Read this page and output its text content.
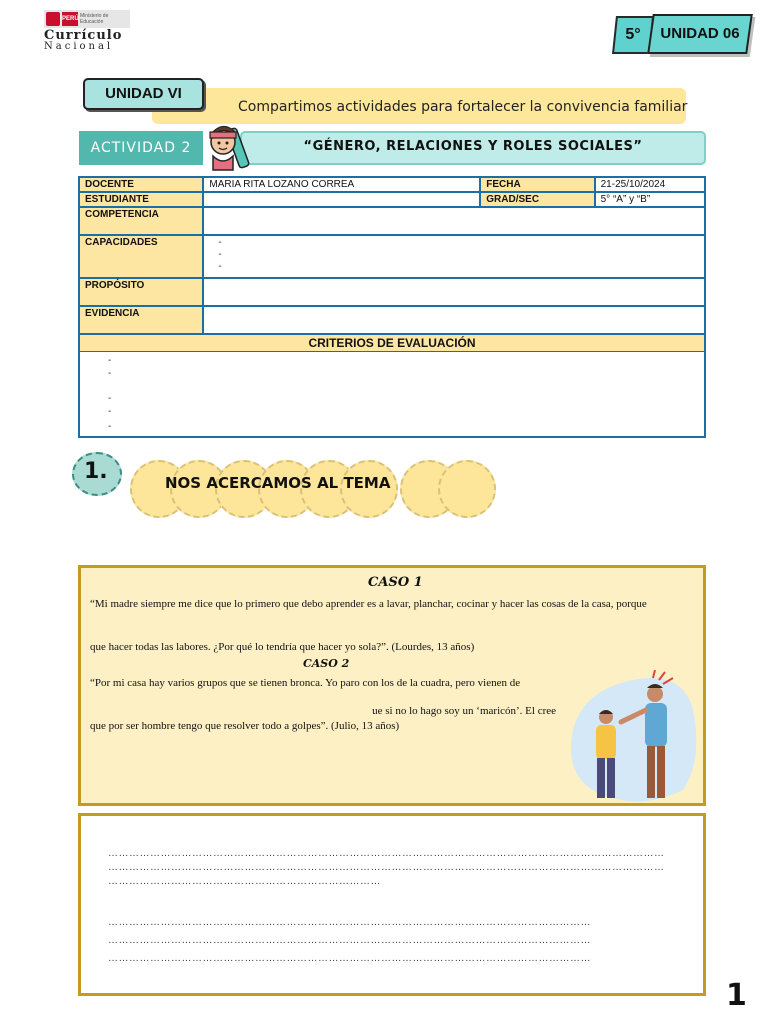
PERÚ Ministerio de Educación
Currículo
Nacional
5°	UNIDAD 06
UNIDAD VI
Compartimos actividades para fortalecer la convivencia familiar
ACTIVIDAD 2	“GÉNERO, RELACIONES Y ROLES SOCIALES”
DOCENTE	MARIA RITA LOZANO CORREA	FECHA	21-25/10/2024
ESTUDIANTE		GRAD/SEC	5° “A” y “B”
COMPETENCIA			
CAPACIDADES	-
-
-		

PROPÓSITO			
EVIDENCIA			
CRITERIOS DE EVALUACIÓN
-
-
-
-
-
1.	NOS ACERCAMOS AL TEMA
CASO 1
“Mi madre siempre me dice que lo primero que debo aprender es a lavar, planchar, cocinar y hacer las cosas de la casa, porque
que hacer todas las labores. ¿Por qué lo tendría que hacer yo sola?”. (Lourdes, 13 años)
CASO 2
“Por mi casa hay varios grupos que se tienen bronca. Yo paro con los de la cuadra, pero vienen de
ue si no lo hago soy un ‘maricón’. El cree
que por ser hombre tengo que resolver todo a golpes”. (Julio, 13 años)
……………………………………………………………………………………………………………………………………………
……………………………………………………………………………………………………………………………………………
……………………………………………………………………
…………………………………………………………………………………………………………………………
…………………………………………………………………………………………………………………………
…………………………………………………………………………………………………………………………
1
